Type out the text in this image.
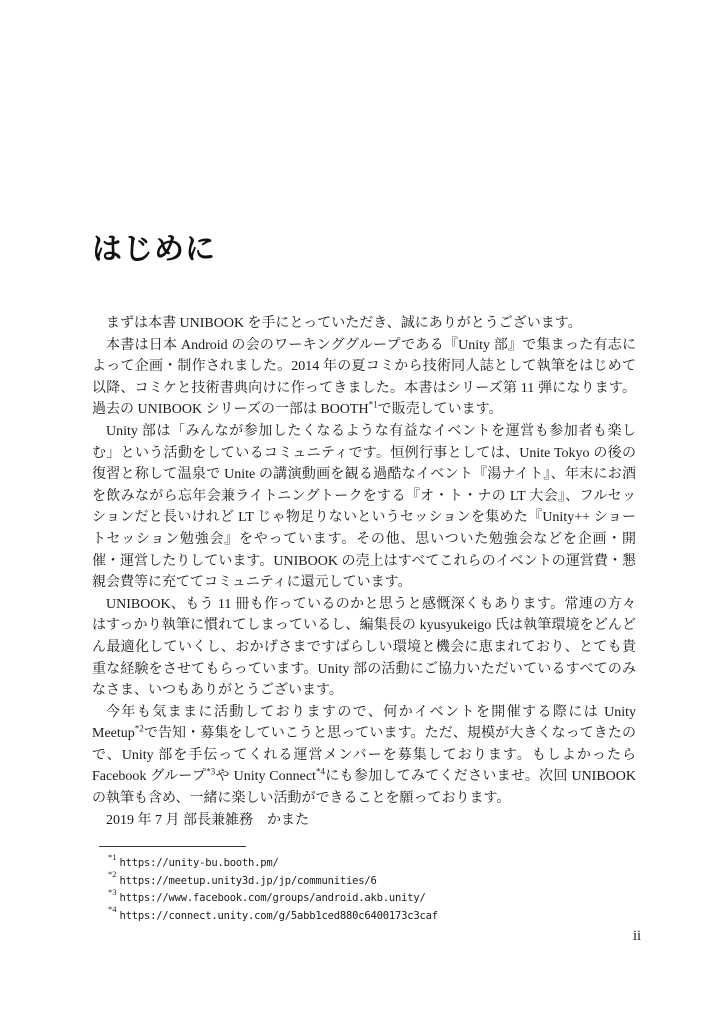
はじめに

まずは本書 UNIBOOK を手にとっていただき、誠にありがとうございます。

本書は日本 Android の会のワーキンググループである『Unity 部』で集まった有志によって企画・制作されました。2014 年の夏コミから技術同人誌として執筆をはじめて以降、コミケと技術書典向けに作ってきました。本書はシリーズ第 11 弾になります。過去の UNIBOOK シリーズの一部は BOOTH$^{*1}$で販売しています。

Unity 部は「みんなが参加したくなるような有益なイベントを運営も参加者も楽しむ」という活動をしているコミュニティです。恒例行事としては、Unite Tokyo の後の復習と称して温泉で Unite の講演動画を観る過酷なイベント『湯ナイト』、年末にお酒を飲みながら忘年会兼ライトニングトークをする『オ・ト・ナの LT 大会』、フルセッションだと長いけれど LT じゃ物足りないというセッションを集めた『Unity++ ショートセッション勉強会』をやっています。その他、思いついた勉強会などを企画・開催・運営したりしています。UNIBOOK の売上はすべてこれらのイベントの運営費・懇親会費等に充ててコミュニティに還元しています。

UNIBOOK、もう 11 冊も作っているのかと思うと感慨深くもあります。常連の方々はすっかり執筆に慣れてしまっているし、編集長の kyusyukeigo 氏は執筆環境をどんどん最適化していくし、おかげさまですばらしい環境と機会に恵まれており、とても貴重な経験をさせてもらっています。Unity 部の活動にご協力いただいているすべてのみなさま、いつもありがとうございます。

今年も気ままに活動しておりますので、何かイベントを開催する際には Unity Meetup$^{*2}$で告知・募集をしていこうと思っています。ただ、規模が大きくなってきたので、Unity 部を手伝ってくれる運営メンバーを募集しております。もしよかったら Facebook グループ$^{*3}$や Unity Connect$^{*4}$にも参加してみてくださいませ。次回 UNIBOOK の執筆も含め、一緒に楽しい活動ができることを願っております。

2019 年 7 月 部長兼雑務　かまた

$^{*1}$https://unity-bu.booth.pm/
$^{*2}$https://meetup.unity3d.jp/jp/communities/6
$^{*3}$https://www.facebook.com/groups/android.akb.unity/
$^{*4}$https://connect.unity.com/g/5abb1ced880c6400173c3caf
ii
